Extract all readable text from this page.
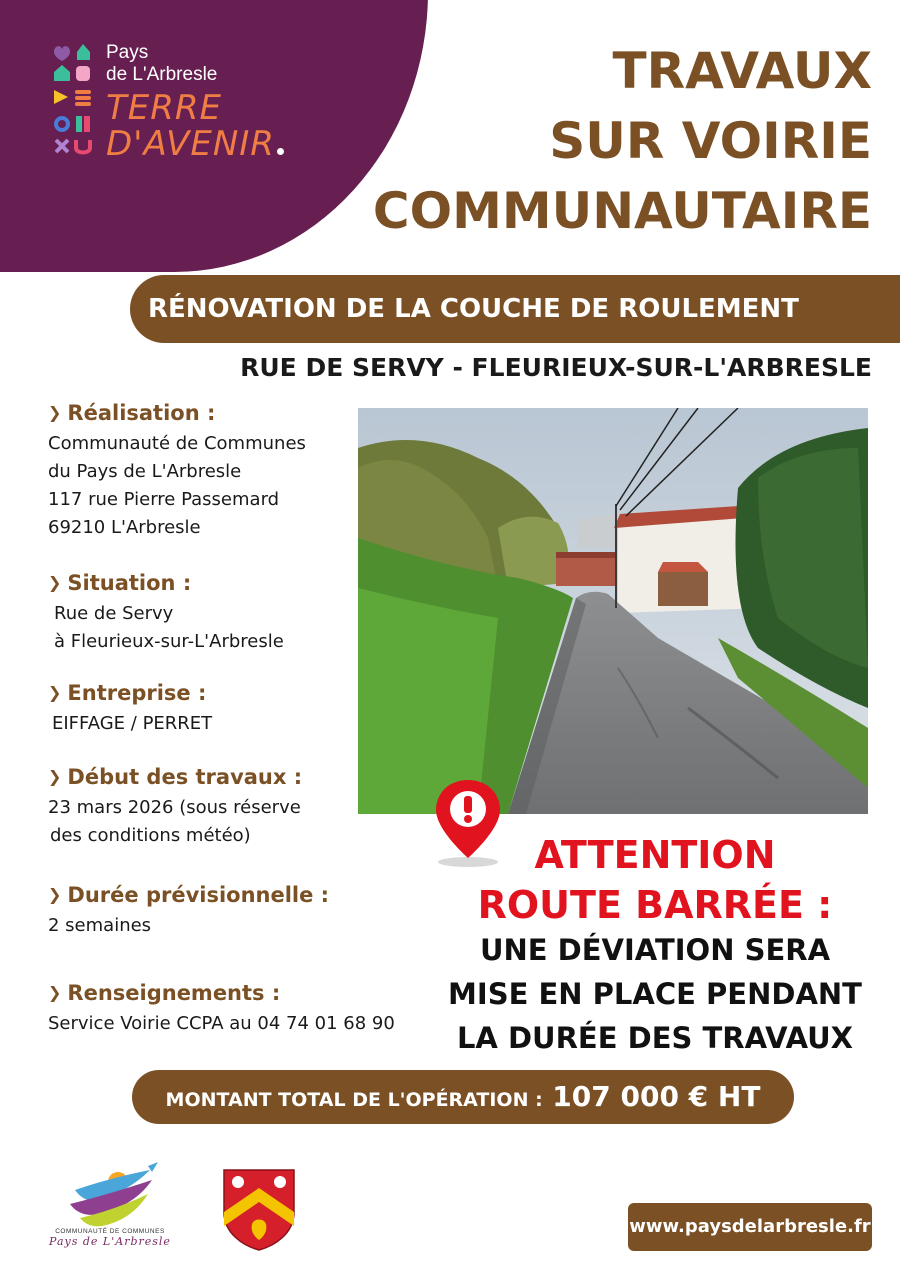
Pays
de L'Arbresle
TERRE
D'AVENIR
TRAVAUX
SUR VOIRIE
COMMUNAUTAIRE
RÉNOVATION DE LA COUCHE DE ROULEMENT
RUE DE SERVY - FLEURIEUX-SUR-L'ARBRESLE
❯ Réalisation :
Communauté de Communes
du Pays de L'Arbresle
117 rue Pierre Passemard
69210 L'Arbresle
❯ Situation :
Rue de Servy
à Fleurieux-sur-L'Arbresle
❯ Entreprise :
EIFFAGE / PERRET
❯ Début des travaux :
23 mars 2026 (sous réserve
des conditions météo)
❯ Durée prévisionnelle :
2 semaines
❯ Renseignements :
Service Voirie CCPA au 04 74 01 68 90
ATTENTION
ROUTE BARRÉE :
UNE DÉVIATION SERA
MISE EN PLACE PENDANT
LA DURÉE DES TRAVAUX
MONTANT TOTAL DE L'OPÉRATION : 107 000 € HT
COMMUNAUTÉ DE COMMUNES
Pays de L'Arbresle
www.paysdelarbresle.fr
